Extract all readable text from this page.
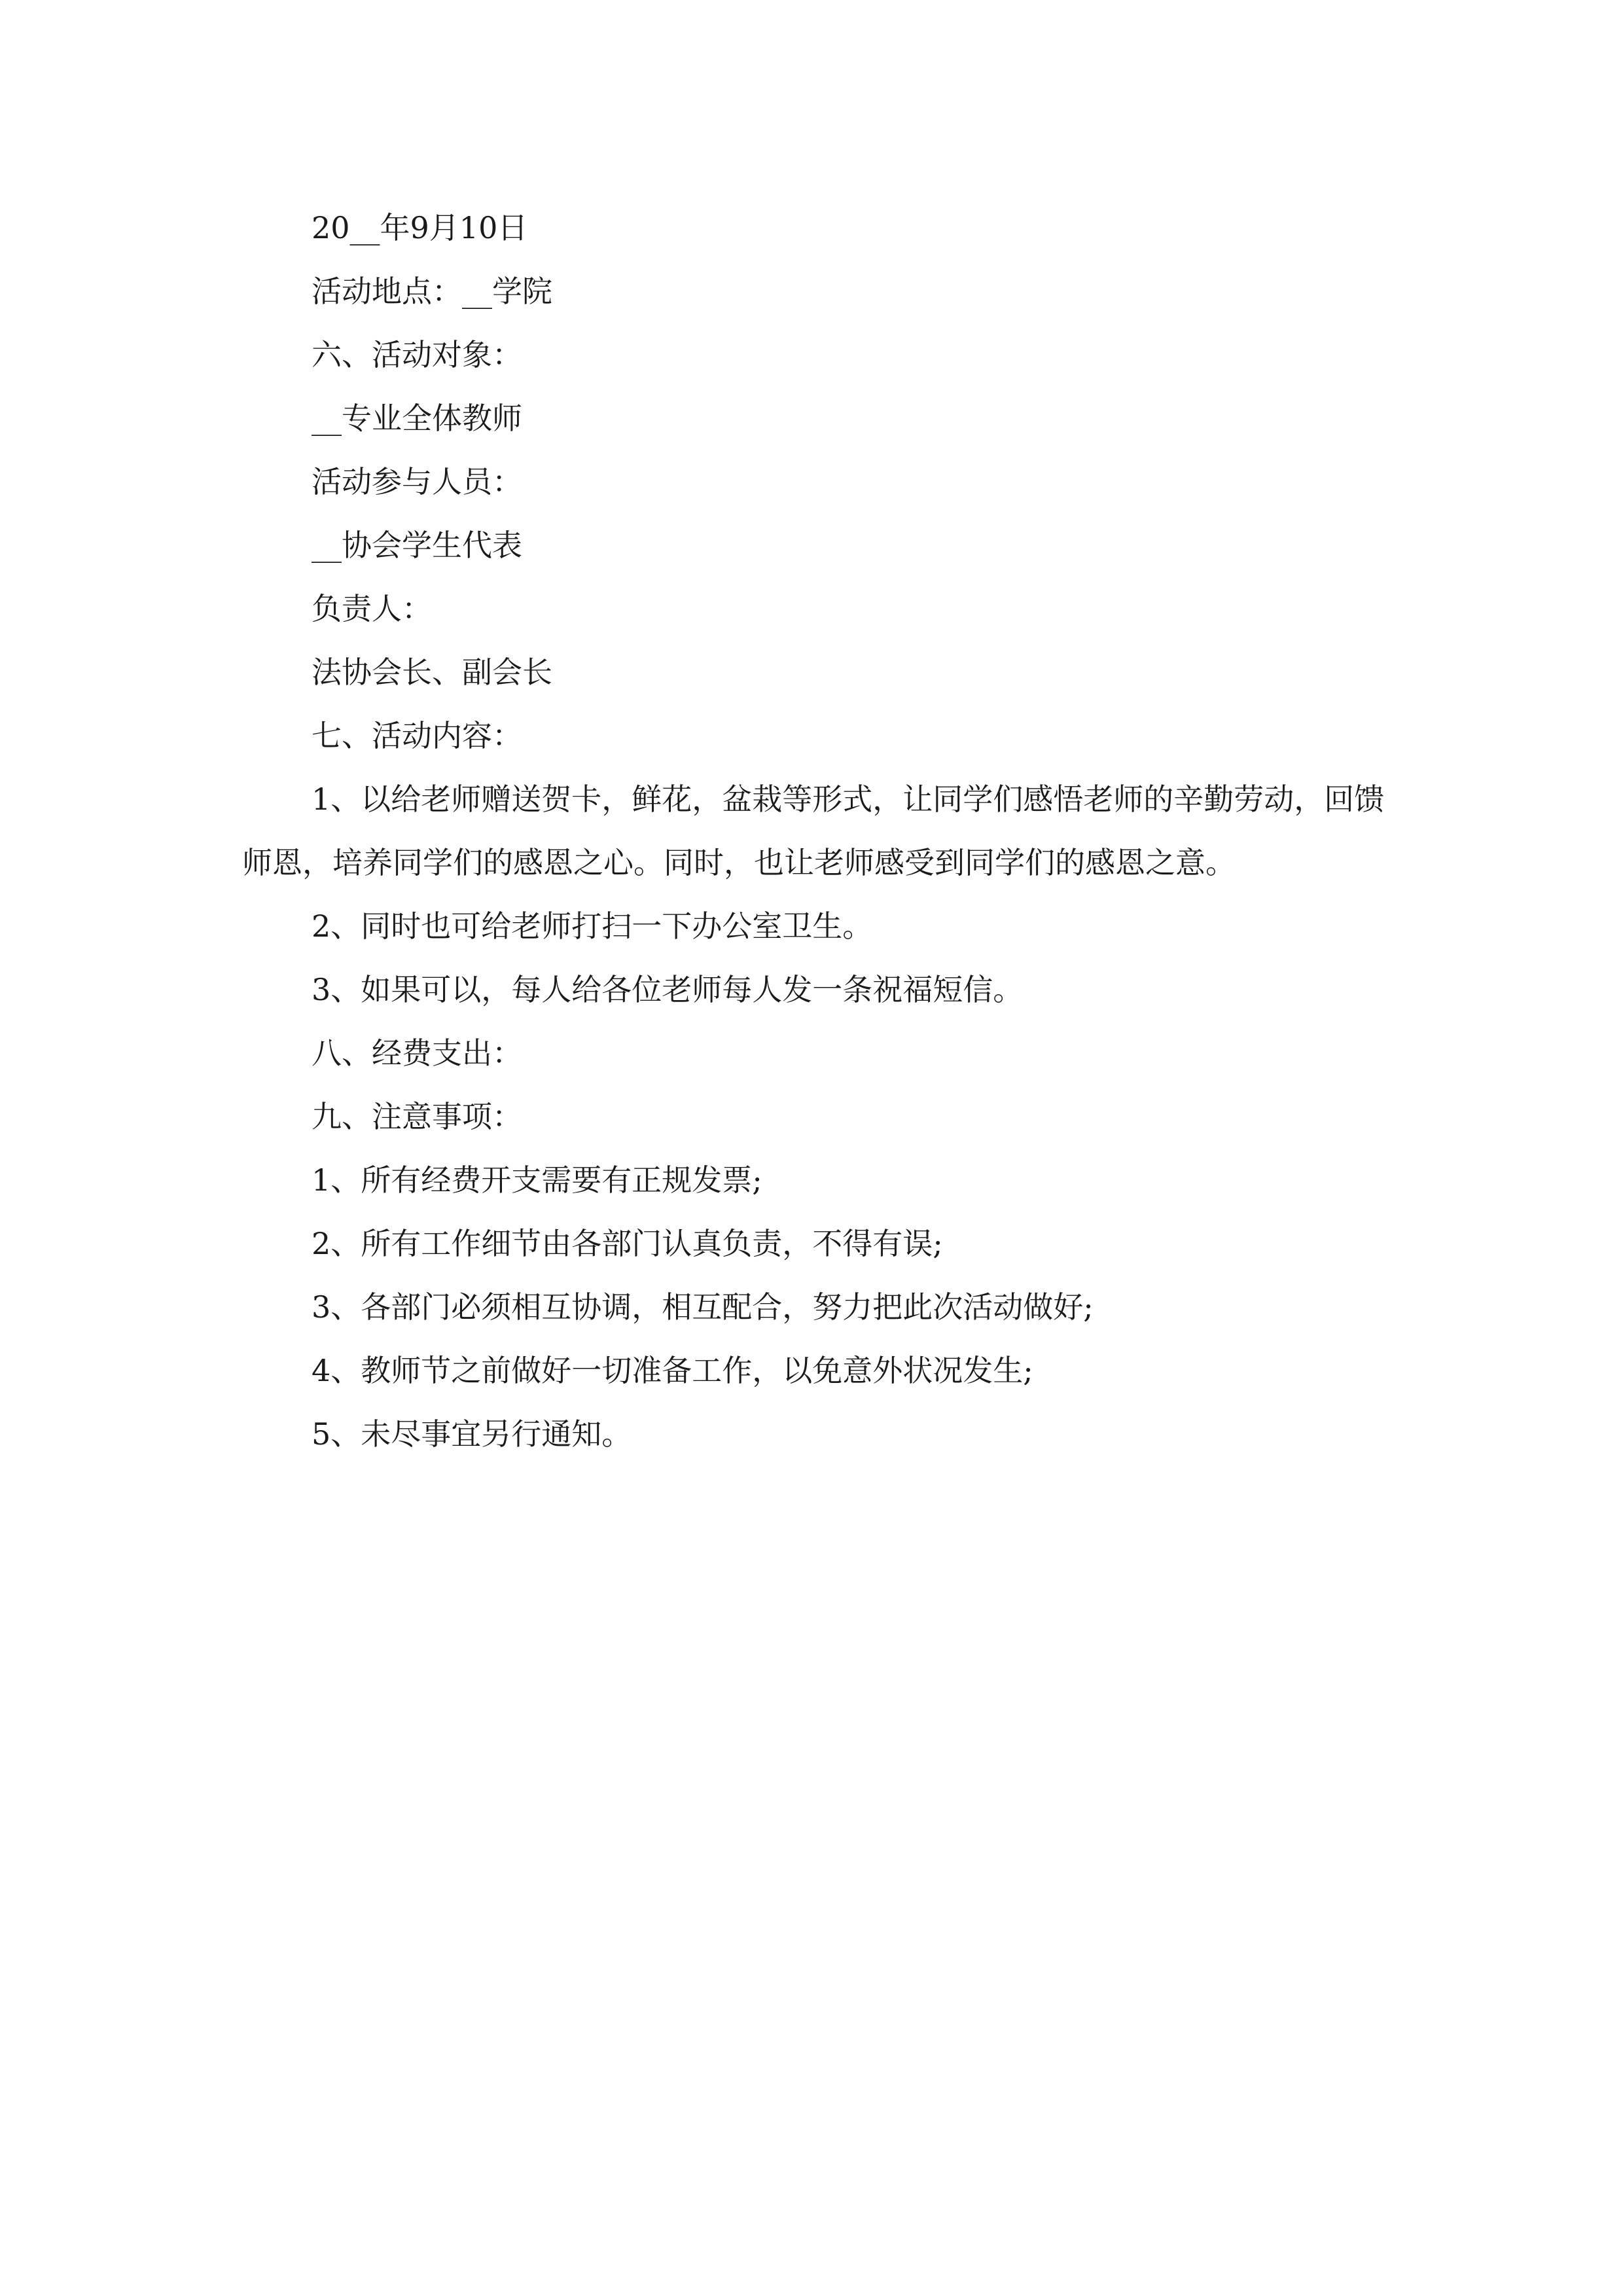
20__年9月10日

活动地点：__学院

六、活动对象：

__专业全体教师

活动参与人员：

__协会学生代表

负责人：

法协会长、副会长

七、活动内容：

1、以给老师赠送贺卡，鲜花，盆栽等形式，让同学们感悟老师的辛勤劳动，回馈师恩，培养同学们的感恩之心。同时，也让老师感受到同学们的感恩之意。

2、同时也可给老师打扫一下办公室卫生。

3、如果可以，每人给各位老师每人发一条祝福短信。

八、经费支出：

九、注意事项：

1、所有经费开支需要有正规发票;

2、所有工作细节由各部门认真负责，不得有误;

3、各部门必须相互协调，相互配合，努力把此次活动做好;

4、教师节之前做好一切准备工作，以免意外状况发生;

5、未尽事宜另行通知。
